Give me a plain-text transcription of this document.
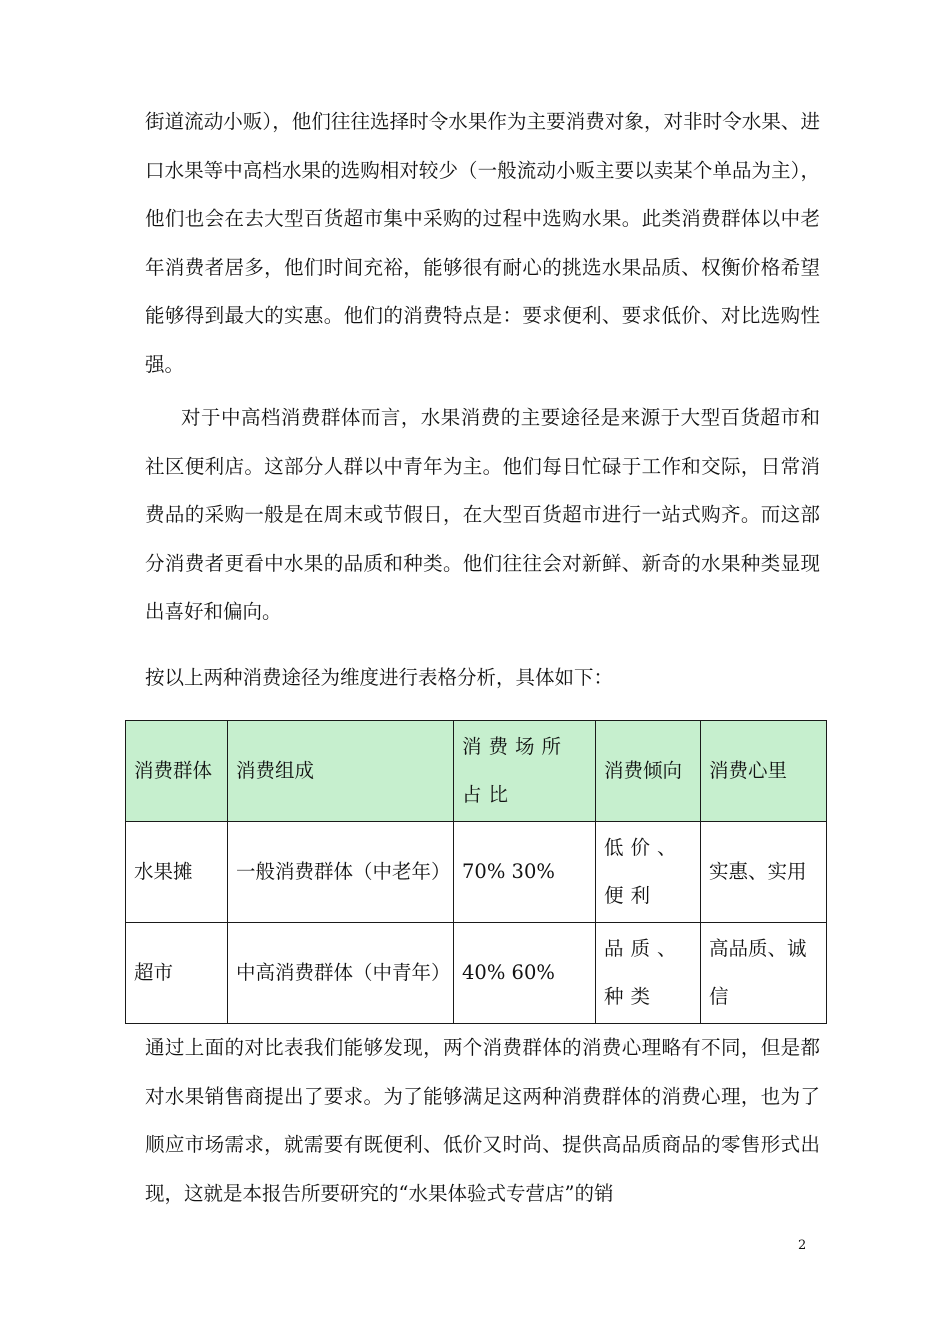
街道流动小贩），他们往往选择时令水果作为主要消费对象，对非时令水果、进口水果等中高档水果的选购相对较少（一般流动小贩主要以卖某个单品为主），他们也会在去大型百货超市集中采购的过程中选购水果。此类消费群体以中老年消费者居多，他们时间充裕，能够很有耐心的挑选水果品质、权衡价格希望能够得到最大的实惠。他们的消费特点是：要求便利、要求低价、对比选购性强。

对于中高档消费群体而言，水果消费的主要途径是来源于大型百货超市和社区便利店。这部分人群以中青年为主。他们每日忙碌于工作和交际，日常消费品的采购一般是在周末或节假日，在大型百货超市进行一站式购齐。而这部分消费者更看中水果的品质和种类。他们往往会对新鲜、新奇的水果种类显现出喜好和偏向。

按以上两种消费途径为维度进行表格分析，具体如下：

消费群体	消费组成	消费场所占比	消费倾向	消费心里
水果摊	一般消费群体（中老年）	70% 30%	低价、便利	实惠、实用
超市	中高消费群体（中青年）	40% 60%	品质、种类	高品质、诚信

通过上面的对比表我们能够发现，两个消费群体的消费心理略有不同，但是都对水果销售商提出了要求。为了能够满足这两种消费群体的消费心理，也为了顺应市场需求，就需要有既便利、低价又时尚、提供高品质商品的零售形式出现，这就是本报告所要研究的“水果体验式专营店”的销

2
